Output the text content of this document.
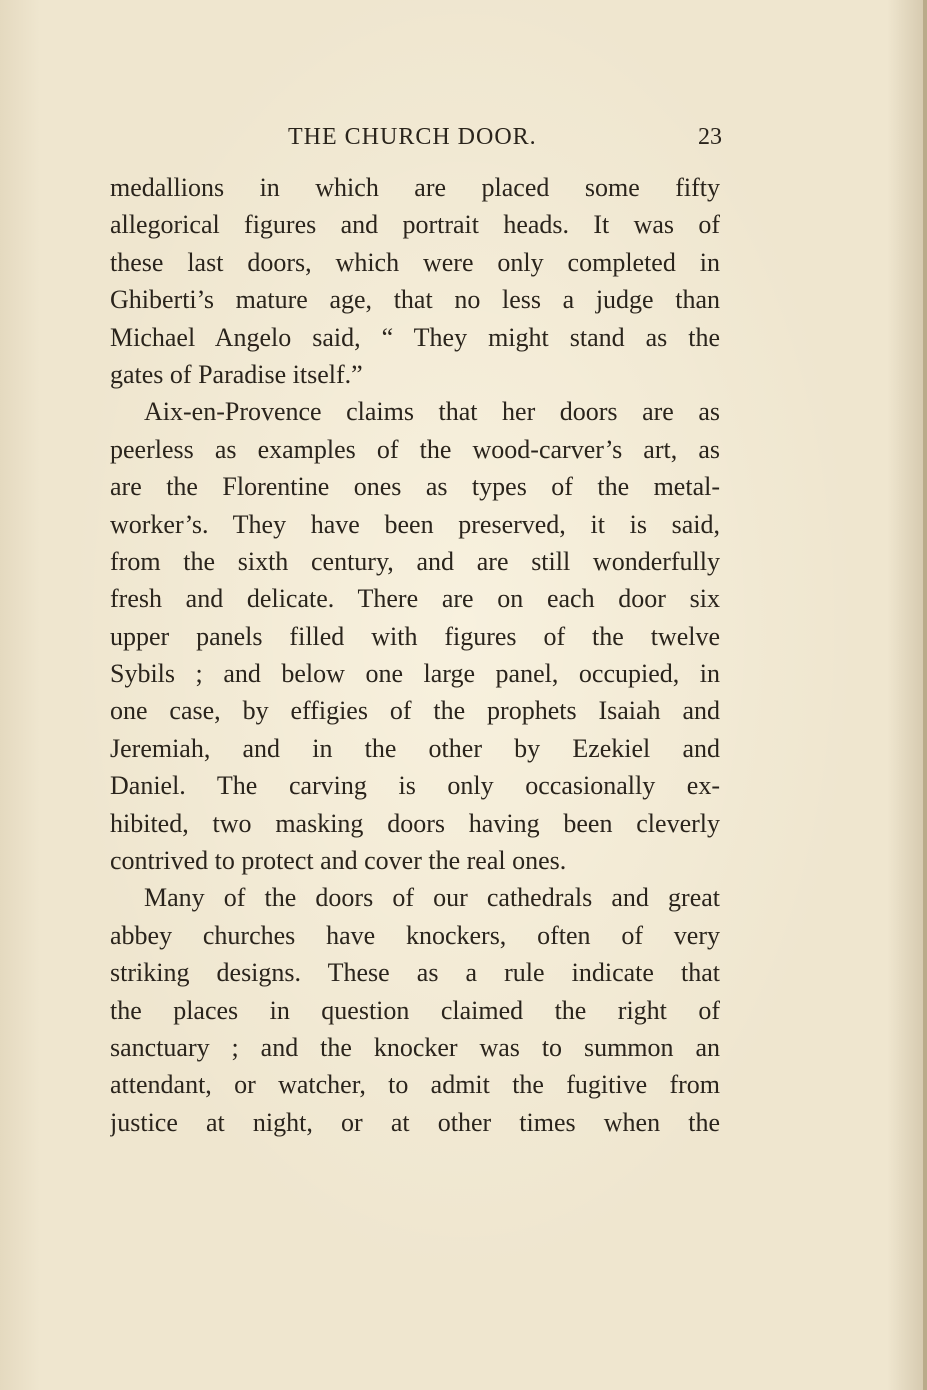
THE CHURCH DOOR.	23
medallions in which are placed some fifty
allegorical figures and portrait heads. It was of
these last doors, which were only completed in
Ghiberti’s mature age, that no less a judge than
Michael Angelo said, “ They might stand as the
gates of Paradise itself.”
Aix-en-Provence claims that her doors are as
peerless as examples of the wood-carver’s art, as
are the Florentine ones as types of the metal-
worker’s. They have been preserved, it is said,
from the sixth century, and are still wonderfully
fresh and delicate. There are on each door six
upper panels filled with figures of the twelve
Sybils ; and below one large panel, occupied, in
one case, by effigies of the prophets Isaiah and
Jeremiah, and in the other by Ezekiel and
Daniel. The carving is only occasionally ex-
hibited, two masking doors having been cleverly
contrived to protect and cover the real ones.
Many of the doors of our cathedrals and great
abbey churches have knockers, often of very
striking designs. These as a rule indicate that
the places in question claimed the right of
sanctuary ; and the knocker was to summon an
attendant, or watcher, to admit the fugitive from
justice at night, or at other times when the
